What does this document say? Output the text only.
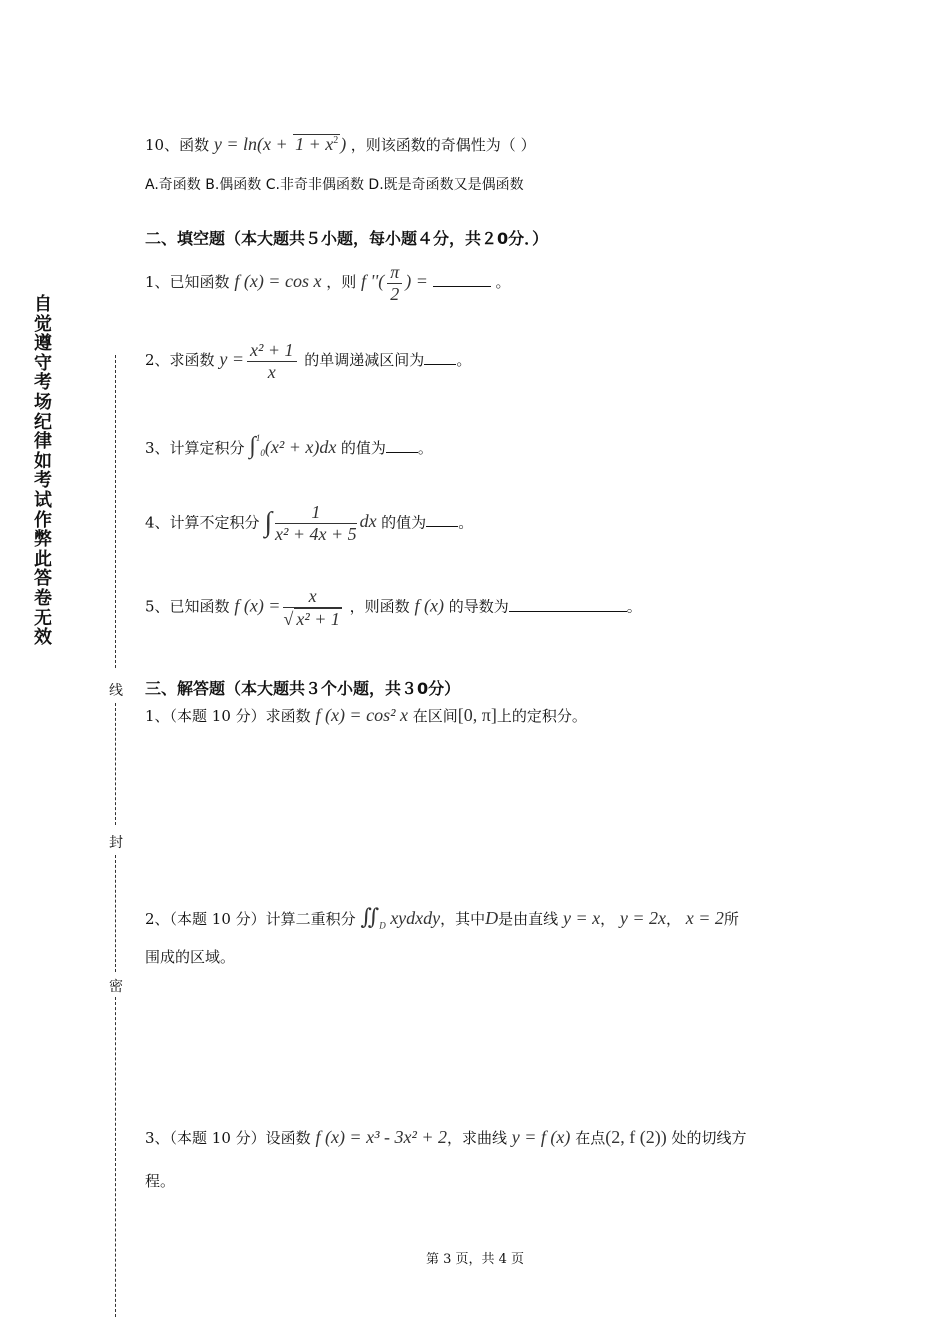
自觉遵守考场纪律如考试作弊此答卷无效
线
封
密
10、函数 $y = \ln(x + 1 + x^2$ ) ，则该函数的奇偶性为（ ）
A.奇函数 B.偶函数 C.非奇非偶函数 D.既是奇函数又是偶函数
二、填空题（本大题共５小题，每小题４分，共２0分．）
1、已知函数 f (x) = cos x ，则 f ''( $\frac{\pi}{2}$ ) =	。
2、求函数 $y = \frac{\text{x² + 1}}{x}$ 的单调递减区间为 。
3、计算定积分 ∫$^1$0(x² + x)dx 的值为 。
4、计算不定积分 ∫ $\frac{1}{\text{x² + 4x + 5}}$ dx 的值为 。
5、已知函数 f $(x) = \frac{x}{\text{√ x² + 1}}$ ，则函数 f (x) 的导数为	。
三、解答题（本大题共３个小题，共３0分）
1、（本题 10 分）求函数 f (x) = cos² x 在区间[0, π]上的定积分。
2、（本题 10 分）计算二重积分 $∬_D$ xydxdy，其中D是由直线 y = x， y = 2x， x = 2所
围成的区域。
3、（本题 10 分）设函数 f (x) = x³ - 3x² + 2，求曲线 y = f (x) 在点(2, f (2)) 处的切线方
程。
第 3 页，共 4 页
